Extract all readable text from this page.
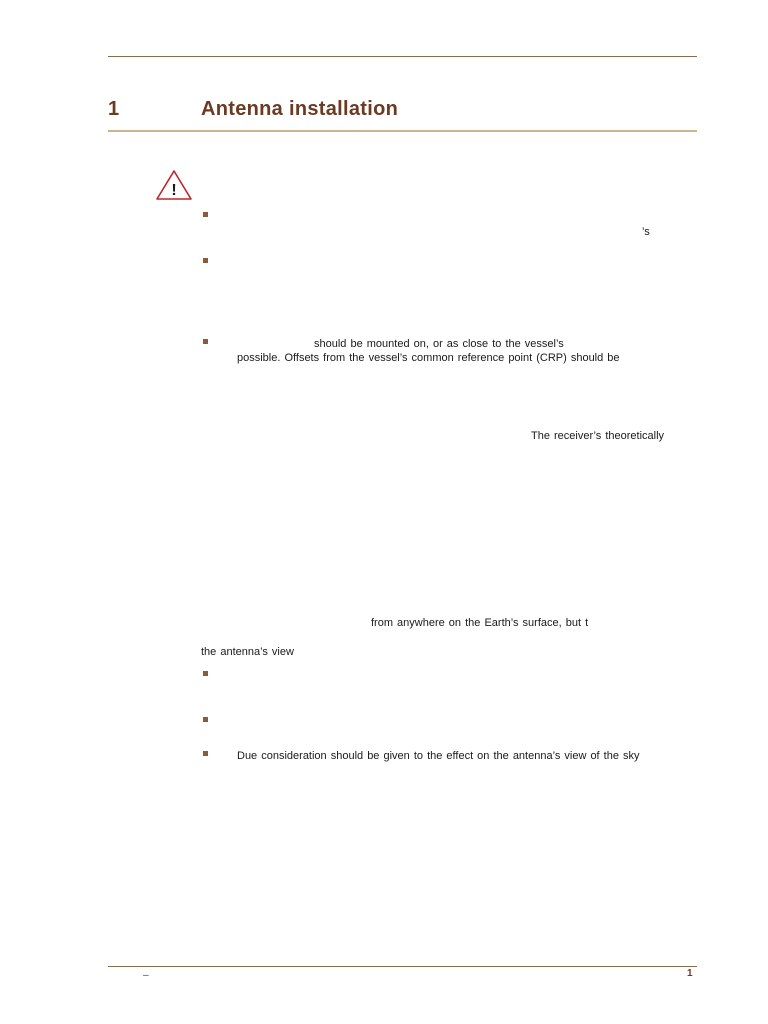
1	Antenna installation
!
’s
should be mounted on, or as close to the vessel’s
possible. Offsets from the vessel’s common reference point (CRP) should be
The receiver’s theoretically
from anywhere on the Earth’s surface, but t
the antenna’s view
Due consideration should be given to the effect on the antenna’s view of the sky
–	1
